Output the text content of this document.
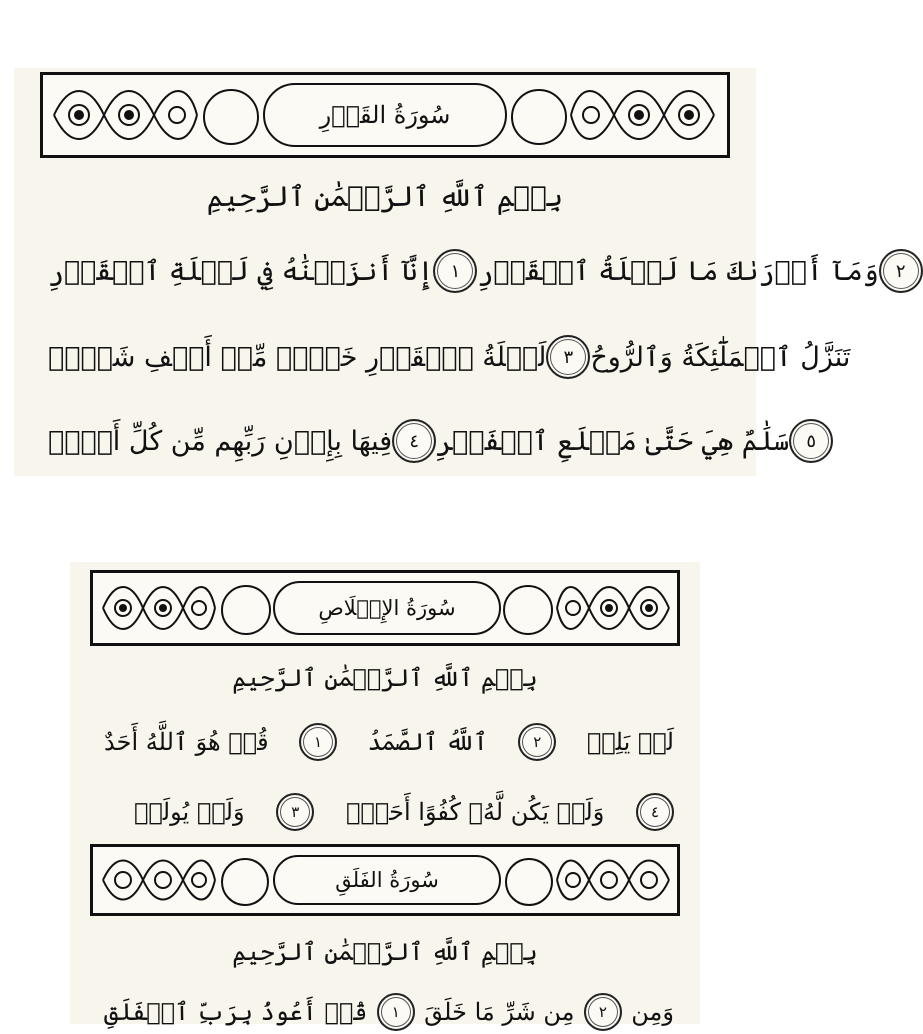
سُورَةُ القَدۡرِ
بِسۡمِ ٱللَّهِ ٱلرَّحۡمَٰنِ ٱلرَّحِيمِ
إِنَّآ أَنزَلۡنَٰهُ فِي لَيۡلَةِ ٱلۡقَدۡرِ ١ وَمَآ أَدۡرَىٰكَ مَا لَيۡلَةُ ٱلۡقَدۡرِ ٢
لَيۡلَةُ ٱلۡقَدۡرِ خَيۡرٞ مِّنۡ أَلۡفِ شَهۡرٖ ٣ تَنَزَّلُ ٱلۡمَلَٰٓئِكَةُ وَٱلرُّوحُ
فِيهَا بِإِذۡنِ رَبِّهِم مِّن كُلِّ أَمۡرٖ ٤ سَلَٰمٌ هِيَ حَتَّىٰ مَطۡلَعِ ٱلۡفَجۡرِ ٥
سُورَةُ الإِخۡلَاصِ
بِسۡمِ ٱللَّهِ ٱلرَّحۡمَٰنِ ٱلرَّحِيمِ
قُلۡ هُوَ ٱللَّهُ أَحَدٌ	١	ٱللَّهُ ٱلصَّمَدُ	٢	لَمۡ يَلِدۡ
وَلَمۡ يُولَدۡ	٣	وَلَمۡ يَكُن لَّهُۥ كُفُوًا أَحَدُۢ	٤
سُورَةُ الفَلَقِ
بِسۡمِ ٱللَّهِ ٱلرَّحۡمَٰنِ ٱلرَّحِيمِ
قُلۡ أَعُوذُ بِرَبِّ ٱلۡفَلَقِ	١	مِن شَرِّ مَا خَلَقَ	٢	وَمِن
